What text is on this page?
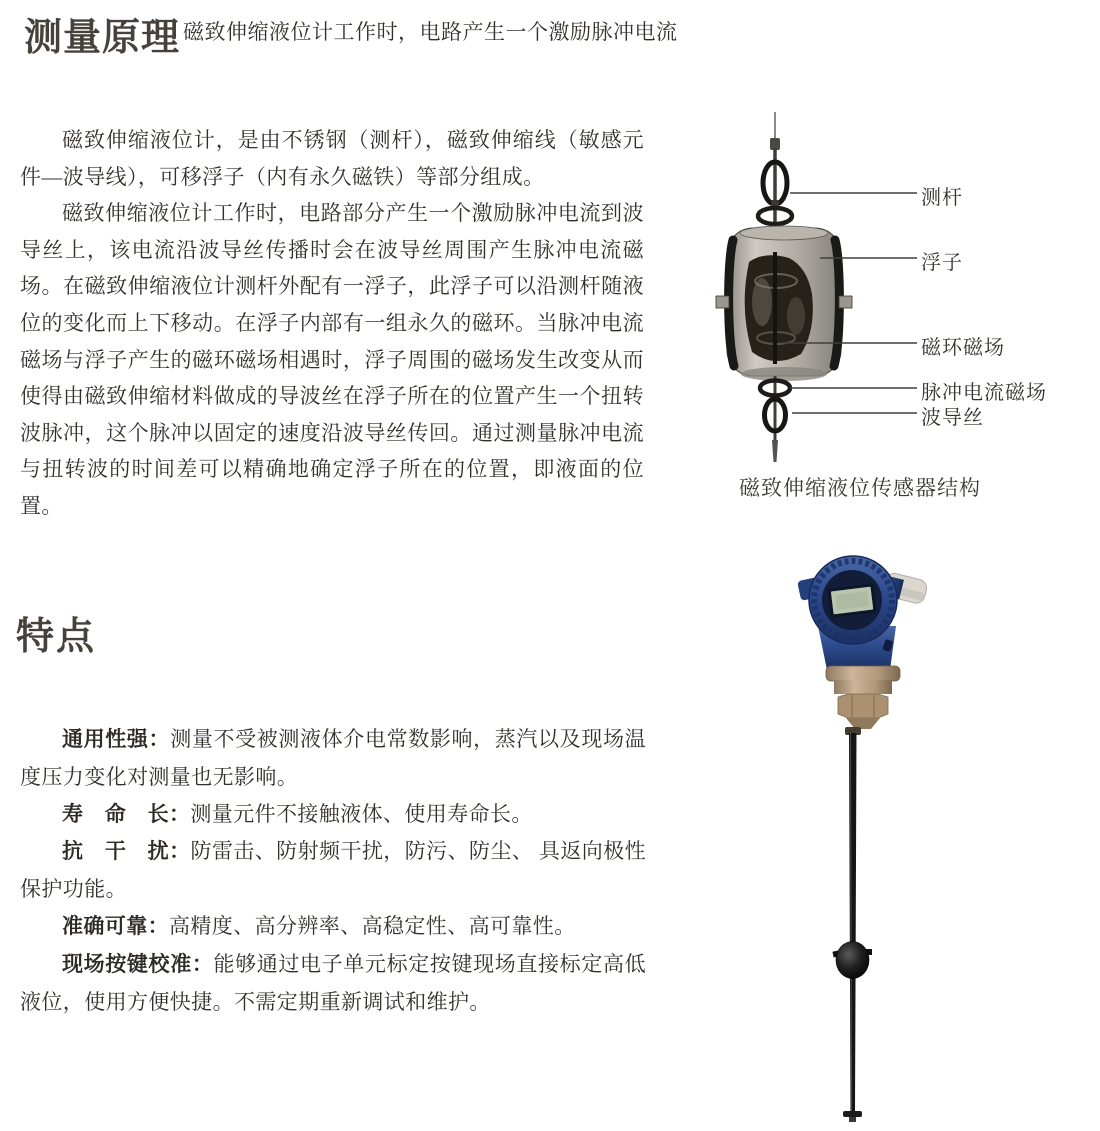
测量原理 磁致伸缩液位计工作时，电路产生一个激励脉冲电流

磁致伸缩液位计，是由不锈钢（测杆），磁致伸缩线（敏感元件—波导线），可移浮子（内有永久磁铁）等部分组成。

磁致伸缩液位计工作时，电路部分产生一个激励脉冲电流到波导丝上，该电流沿波导丝传播时会在波导丝周围产生脉冲电流磁场。在磁致伸缩液位计测杆外配有一浮子，此浮子可以沿测杆随液位的变化而上下移动。在浮子内部有一组永久的磁环。当脉冲电流磁场与浮子产生的磁环磁场相遇时，浮子周围的磁场发生改变从而使得由磁致伸缩材料做成的导波丝在浮子所在的位置产生一个扭转波脉冲，这个脉冲以固定的速度沿波导丝传回。通过测量脉冲电流与扭转波的时间差可以精确地确定浮子所在的位置，即液面的位置。

测杆
浮子
磁环磁场
脉冲电流磁场
波导丝
磁致伸缩液位传感器结构
特点

通用性强：测量不受被测液体介电常数影响，蒸汽以及现场温度压力变化对测量也无影响。

寿　命　长：测量元件不接触液体、使用寿命长。

抗　干　扰：防雷击、防射频干扰，防污、防尘、 具返向极性保护功能。

准确可靠：高精度、高分辨率、高稳定性、高可靠性。

现场按键校准：能够通过电子单元标定按键现场直接标定高低液位，使用方便快捷。不需定期重新调试和维护。
